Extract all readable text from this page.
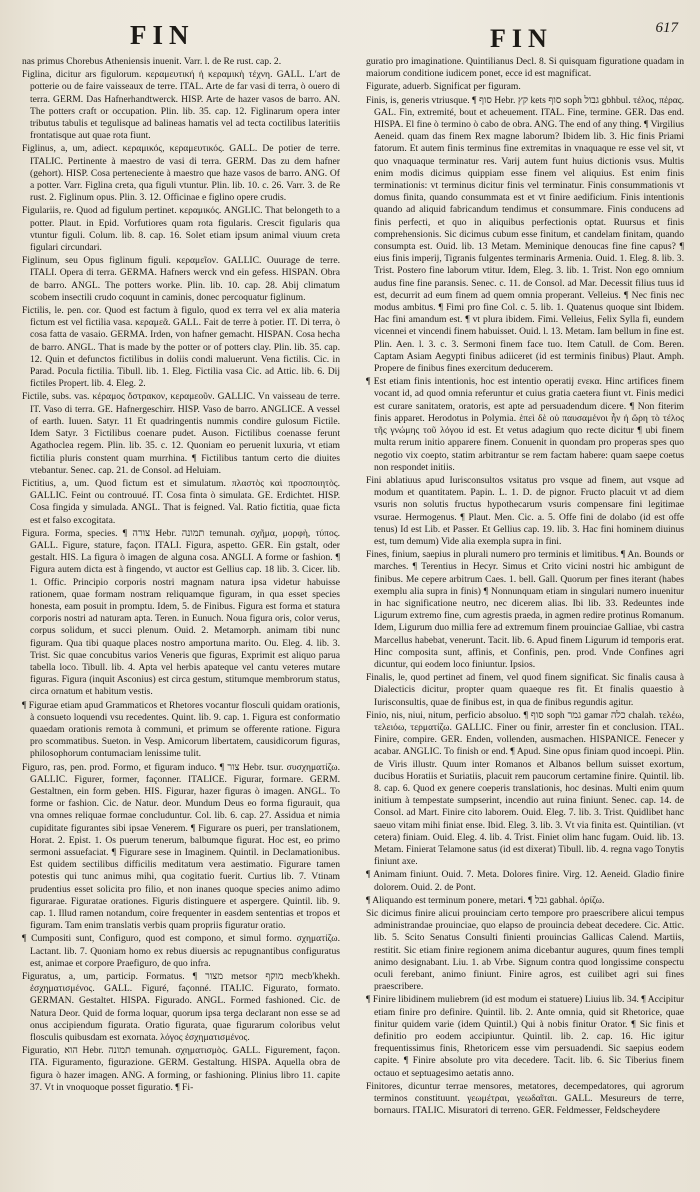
FIN	FIN	617

nas primus Chorebus Atheniensis inuenit. Varr. l. de Re rust. cap. 2.

Figlina, dicitur ars figulorum. κεραμευτική ἡ κεραμικὴ τέχνη. GALL. L'art de potterie ou de faire vaisseaux de terre. ITAL. Arte de far vasi di terra, ò ouero di terra. GERM. Das Hafnerhandtwerck. HISP. Arte de hazer vasos de barro. AN. The potters craft or occupation. Plin. lib. 35. cap. 12. Figlinarum opera inter tributus tabulis et tegulisque ad balineas hamatis vel ad tecta coctilibus lateritiis frontatisque aut quae rota fiunt.

Figlinus, a, um, adiect. κεραμικός, κεραμευτικός. GALL. De potier de terre. ITALIC. Pertinente à maestro de vasi di terra. GERM. Das zu dem hafner (gehort). HISP. Cosa perteneciente à maestro que haze vasos de barro. ANG. Of a potter. Varr. Figlina creta, qua figuli vtuntur. Plin. lib. 10. c. 26. Varr. 3. de Re rust. 2. Figlinum opus. Plin. 3. 12. Officinae e figlino opere crudis.

Figulariis, re. Quod ad figulum pertinet. κεραμικός. ANGLIC. That belongeth to a potter. Plaut. in Epid. Vorfutiores quam rota figularis. Crescit figularis qua vtuntur figuli. Colum. lib. 8. cap. 16. Solet etiam ipsum animal viuum creta figulari circundari.

Figlinum, seu Opus figlinum figuli. κεραμεῖον. GALLIC. Ouurage de terre. ITALI. Opera di terra. GERMA. Hafners werck vnd ein gefess. HISPAN. Obra de barro. ANGL. The potters worke. Plin. lib. 10. cap. 28. Abij climatum scobem insectili crudo coquunt in caminis, donec percoquatur figlinum.

Fictilis, le. pen. cor. Quod est factum à figulo, quod ex terra vel ex alia materia fictum est vel fictilia vasa. κεραμεᾶ. GALL. Fait de terre à potier. IT. Di terra, ò cosa fatta de vasaio. GERMA. Irden, von hafner gemacht. HISPAN. Cosa hecha de barro. ANGL. That is made by the potter or of potters clay. Plin. lib. 35. cap. 12. Quin et defunctos fictilibus in doliis condi maluerunt. Vena fictilis. Cic. in Parad. Pocula fictilia. Tibull. lib. 1. Eleg. Fictilia vasa Cic. ad Attic. lib. 6. Dij fictiles Propert. lib. 4. Eleg. 2.

Fictile, subs. vas. κέραμος ὄστρακον, κεραμεοῦν. GALLIC. Vn vaisseau de terre. IT. Vaso di terra. GE. Hafnergeschirr. HISP. Vaso de barro. ANGLICE. A vessel of earth. Iuuen. Satyr. 11 Et quadringentis nummis condire gulosum Fictile. Idem Satyr. 3 Fictilibus coenare pudet. Auson. Fictilibus coenasse ferunt Agathoclea regem. Plin. lib. 35. c. 12. Quoniam eo peruenit luxuria, vt etiam fictilia pluris constent quam murrhina. ¶ Fictilibus tantum certo die diuites vtebantur. Senec. cap. 21. de Consol. ad Heluiam.

Fictitius, a, um. Quod fictum est et simulatum. πλαστὸς καὶ προσποιητὸς. GALLIC. Feint ou controuué. IT. Cosa finta ò simulata. GE. Erdichtet. HISP. Cosa fingida y simulada. ANGL. That is feigned. Val. Ratio fictitia, quae ficta est et falso excogitata.

Figura. Forma, species. ¶ צורה Hebr. תמונה temunah. σχῆμα, μορφὴ, τύπος. GALL. Figure, stature, façon. ITALI. Figura, aspetto. GER. Ein gstalt, oder gestalt. HIS. La figura ò imagen de alguna cosa. ANGLI. A forme or fashion. ¶ Figura autem dicta est à fingendo, vt auctor est Gellius cap. 18 lib. 3. Cicer. lib. 1. Offic. Principio corporis nostri magnam natura ipsa videtur habuisse rationem, quae formam nostram reliquamque figuram, in qua esset species honesta, eam posuit in promptu. Idem, 5. de Finibus. Figura est forma et statura corporis nostri ad naturam apta. Teren. in Eunuch. Noua figura oris, color verus, corpus solidum, et succi plenum. Ouid. 2. Metamorph. animam tibi nunc figuram. Qua tibi quaque places nostro amportuna marito. Ou. Eleg. 4. lib. 3. Trist. Sic quae concubitus varios Veneris que figuras, Exprimit est aliquo parua tabella loco. Tibull. lib. 4. Apta vel herbis apateque vel cantu veteres mutare figuras. Figura (inquit Asconius) est circa gestum, stitumque membrorum status, circa ornatum et habitum vestis.

¶ Figurae etiam apud Grammaticos et Rhetores vocantur flosculi quidam orationis, à consueto loquendi vsu recedentes. Quint. lib. 9. cap. 1. Figura est conformatio quaedam orationis remota à communi, et primum se offerente ratione. Figura pro scommatibus. Sueton. in Vesp. Amicorum libertatem, causidicorum figuras, philosophorum contumaciam lenissime tulit.

Figuro, ras, pen. prod. Formo, et figuram induco. ¶ צור Hebr. tsur. συσχηματίζω. GALLIC. Figurer, former, façonner. ITALICE. Figurar, formare. GERM. Gestaltnen, ein form geben. HIS. Figurar, hazer figuras ò imagen. ANGL. To forme or fashion. Cic. de Natur. deor. Mundum Deus eo forma figurauit, qua vna omnes reliquae formae concluduntur. Col. lib. 6. cap. 27. Assidua et nimia cupiditate figurantes sibi ipsae Venerem. ¶ Figurare os pueri, per translationem, Horat. 2. Epist. 1. Os puerum tenerum, balbumque figurat. Hoc est, eo primo sermoni assuefaciat. ¶ Figurare sese in Imaginem. Quintil. in Declamationibus. Est quidem sectilibus difficilis meditatum vera aestimatio. Figurare tamen potestis qui tunc animus mihi, qua cogitatio fuerit. Curtius lib. 7. Vtinam prudentius esset solicita pro filio, et non inanes quoque species animo adimo figurarae. Figuratae orationes. Figuris distinguere et aspergere. Quintil. lib. 9. cap. 1. Illud ramen notandum, coire frequenter in easdem sententias et tropos et figuram. Tam enim translatis verbis quam propriis figuratur oratio.

¶ Cumpositi sunt, Configuro, quod est compono, et simul formo. σχηματίζω. Lactant. lib. 7. Quoniam homo ex rebus diuersis ac repugnantibus configuratus est, animae et corpore Praefiguro, de quo infra.

Figuratus, a, um, particip. Formatus. ¶ מצור metsor מוקף mecb'khekh. ἐσχηματισμένος. GALL. Figuré, façonné. ITALIC. Figurato, formato. GERMAN. Gestaltet. HISPA. Figurado. ANGL. Formed fashioned. Cic. de Natura Deor. Quid de forma loquar, quorum ipsa terga declarant non esse se ad onus accipiendum figurata. Oratio figurata, quae figurarum coloribus velut flosculis quibusdam est exornata. λόγος ἐσχηματισμένος.

Figuratio, הוא Hebr. תמונה temunah. σχηματισμὸς. GALL. Figurement, façon. ITA. Figuramento, figurazione. GERM. Gestaltung. HISPA. Aquella obra de figura ò hazer imagen. ANG. A forming, or fashioning. Plinius libro 11. capite 37. Vt in vnoquoque posset figuratio. ¶ Fi-

guratio pro imaginatione. Quintilianus Decl. 8. Si quisquam figuratione quadam in maiorum conditione iudicem ponet, ecce id est magnificat.

Figurate, aduerb. Significat per figuram.

Finis, is, generis vtriusque. ¶ סוף Hebr. קץ kets סוף soph גבול gbhbul. τέλος, πέρας. GAL. Fin, extremité, bout et acheuement. ITAL. Fine, termine. GER. Das end. HISPA. El fine ò termino ò cabo de obra. ANG. The end of any thing. ¶ Virgilius Aeneid. quam das finem Rex magne laborum? Ibidem lib. 3. Hic finis Priami fatorum. Et autem finis terminus fine extremitas in vnaquaque re esse vel sit, vt quo vnaquaque terminatur res. Varij autem funt huius dictionis vsus. Multis enim modis dicimus quippiam esse finem vel aliquius. Est enim finis terminationis: vt terminus dicitur finis vel terminatur. Finis consummationis vt domus finita, quando consummata est et vt finire aedificium. Finis intentionis quando ad aliquid fabricandum tendimus et consummare. Finis conducens ad finis perfecti, et quo in aliquibus perfectionis optat. Ruursus et finis comprehensionis. Sic dicimus cubum esse finitum, et candelam finitam, quando consumpta est. Ouid. lib. 13 Metam. Meminique denoucas fine fine capus? ¶ eius finis imperij, Tigranis fulgentes terminaris Armenia. Ouid. 1. Eleg. 8. lib. 3. Trist. Postero fine laborum vtitur. Idem, Eleg. 3. lib. 1. Trist. Non ego omnium audus fine fine paransis. Senec. c. 11. de Consol. ad Mar. Decessit filius tuus id est, decurrit ad eum finem ad quem omnia properant. Velleius. ¶ Nec finis nec modus ambitus. ¶ Fimi pro fine Col. c. 5. lib. 1. Quatenus quoque sint Ibidem. Hac fini amandum est. ¶ vt plura ibidem. Fimi. Velleius, Felix Sylla fi, eundem vicennei et vincendi finem habuisset. Ouid. l. 13. Metam. Iam bellum in fine est. Plin. Aen. l. 3. c. 3. Sermoni finem face tuo. Item Catull. de Com. Beren. Captam Asiam Aegypti finibus adiiceret (id est terminis finibus) Plaut. Amph. Propere de finibus fines exercitum deducerem.

¶ Est etiam finis intentionis, hoc est intentio operatij ενεκα. Hinc artifices finem vocant id, ad quod omnia referuntur et cuius gratia caetera fiunt vt. Finis medici est curare sanitatem, oratoris, est apte ad persuadendum dicere. ¶ Non fiterim finis apparet. Herodotus in Polymia. ἐπεὶ δὲ οὐ παυσαμένοι ἦν ἡ ὥρη τὸ τέλος τῆς γνώμης τοῦ λόγου id est. Et vetus adagium quo recte dicitur ¶ ubi finem multa rerum initio apparere finem. Conuenit in quondam pro properas spes quo negotio vix coepto, statim arbitrantur se rem factam habere: quam saepe coetus non respondet initiis.

Fini ablatiuus apud Iurisconsultos vsitatus pro vsque ad finem, aut vsque ad modum et quantitatem. Papin. L. 1. D. de pignor. Fructo placuit vt ad diem vsuris non solutis fructus hypothecarum vsuris compensare fini legitimae vsurae. Hermogenus. ¶ Plaut. Men. Cic. a. 5. Offe fini de dolabo (id est offe tenus) Id est Lib. et Passer. Et Gellius cap. 19. lib. 3. Hac fini hominem diuinus est, tum demum) Vide alia exempla supra in fini.

Fines, finium, saepius in plurali numero pro terminis et limitibus. ¶ An. Bounds or marches. ¶ Terentius in Hecyr. Simus et Crito vicini nostri hic ambigunt de finibus. Me cepere arbitrum Caes. 1. bell. Gall. Quorum per fines iterant (habes exemplu alia supra in finis) ¶ Nonnunquam etiam in singulari numero inuenitur in hac significatione neutro, nec dicerem alias. Ibi lib. 33. Redeuntes inde Ligurum extremo fine, cum agrestis praeda, in agmen redire protinus Romanum. Idem, Ligurum duo millia fere ad extremum finem prouinciae Galliae, vbi castra Marcellus habebat, venerunt. Tacit. lib. 6. Apud finem Ligurum id temporis erat. Hinc composita sunt, affinis, et Confinis, pen. prod. Vnde Confines agri dicuntur, qui eodem loco finiuntur. Ipsios.

Finalis, le, quod pertinet ad finem, vel quod finem significat. Sic finalis causa à Dialecticis dicitur, propter quam quaeque res fit. Et finalis quaestio à Iurisconsultis, quae de finibus est, in qua de finibus regundis agitur.

Finio, nis, niui, nitum, perficio absoluo. ¶ סוף soph גמר gamar כלה chalah. τελέω, τελειόω, τερματίζω. GALLIC. Finer ou finir, arrester fin et conclusion. ITAL. Finire, compire. GER. Enden, vollenden, ausmachen. HISPANICE. Fenecer y acabar. ANGLIC. To finish or end. ¶ Apud. Sine opus finiam quod incoepi. Plin. de Viris illustr. Quum inter Romanos et Albanos bellum suisset exortum, ducibus Horatiis et Suriatiis, placuit rem paucorum certamine finire. Quintil. lib. 8. cap. 6. Quod ex genere coeperis translationis, hoc desinas. Multi enim quum initium à tempestate sumpserint, incendio aut ruina finiunt. Senec. cap. 14. de Consol. ad Mart. Finire cito laborem. Ouid. Eleg. 7. lib. 3. Trist. Quidlibet hanc saeuo vitam mihi finiat ense. Ibid. Eleg. 3. lib. 3. Vt via finita est. Quintilian. (vt cetera) finiam. Ouid. Eleg. 4. lib. 4. Trist. Finiet olim hanc fugam. Ouid. lib. 13. Metam. Finierat Telamone satus (id est dixerat) Tibull. lib. 4. regna vago Tonytis finiunt axe.

¶ Animam finiunt. Ouid. 7. Meta. Dolores finire. Virg. 12. Aeneid. Gladio finire dolorem. Ouid. 2. de Pont.

¶ Aliquando est terminum ponere, metari. ¶ גבל gabhal. ὁρίζω.

Sic dicimus finire alicui prouinciam certo tempore pro praescribere alicui tempus administrandae prouinciae, quo elapso de prouincia debeat decedere. Cic. Attic. lib. 5. Scito Senatus Consulti finienti prouincias Gallicas Calend. Martiis, restitit. Sic etiam finire regionem anima dicebantur augures, quum fines templi animo designabant. Liu. 1. ab Vrbe. Signum contra quod longissime conspectu oculi ferebant, animo finiunt. Finire agros, est cuilibet agri sui fines praescribere.

¶ Finire libidinem muliebrem (id est modum ei statuere) Liuius lib. 34. ¶ Accipitur etiam finire pro definire. Quintil. lib. 2. Ante omnia, quid sit Rhetorice, quae finitur quidem varie (idem Quintil.) Qui à nobis finitur Orator. ¶ Sic finis et definitio pro eodem accipiuntur. Quintil. lib. 2. cap. 16. Hic igitur frequentissimus finis, Rhetoricem esse vim persuadendi. Sic saepius eodem capite. ¶ Finire absolute pro vita decedere. Tacit. lib. 6. Sic Tiberius finem octauo et septuagesimo aetatis anno.

Finitores, dicuntur terrae mensores, metatores, decempedatores, qui agrorum terminos constituunt. γεωμέτραι, γεωδαῖται. GALL. Mesureurs de terre, bornaurs. ITALIC. Misuratori di terreno. GER. Feldmesser, Feldscheydere
